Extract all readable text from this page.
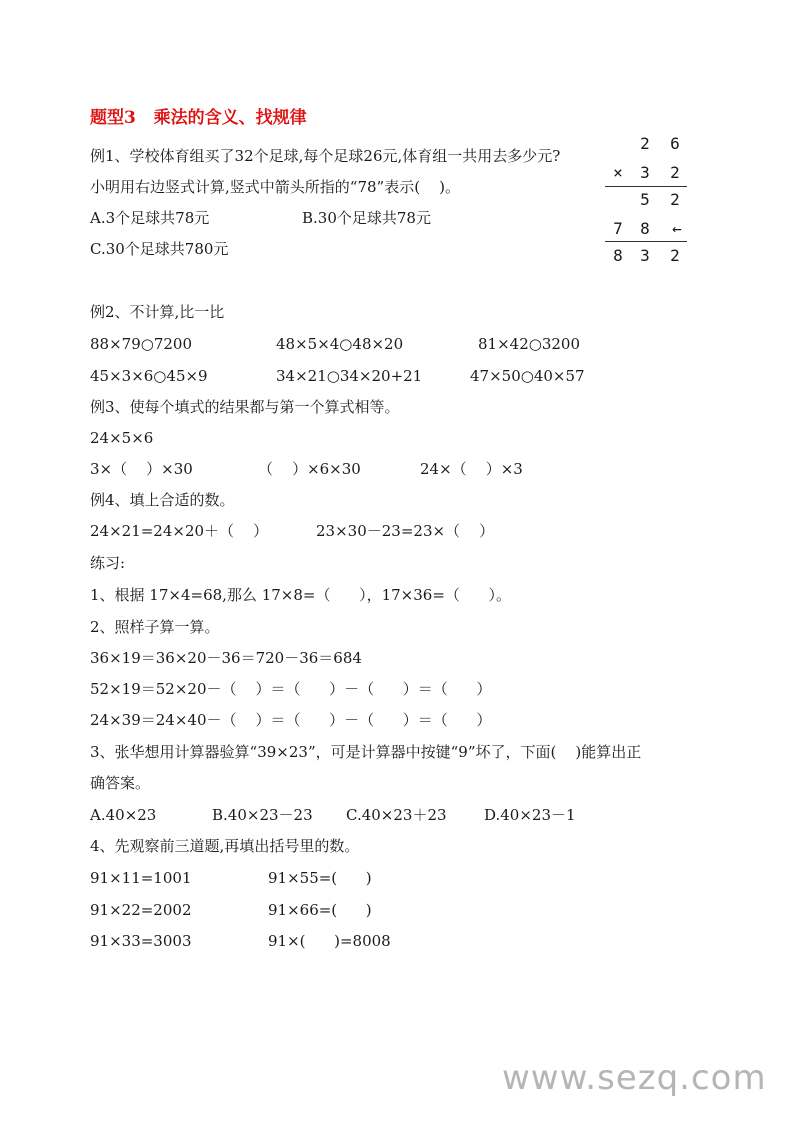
题型3   乘法的含义、找规律
例1、学校体育组买了32个足球,每个足球26元,体育组一共用去多少元?
小明用右边竖式计算,竖式中箭头所指的“78”表示(    )。
A.3个足球共78元	B.30个足球共78元
C.30个足球共780元
2	6
×	3	2
5	2
7	8	←
8	3	2
例2、不计算,比一比
88×79○7200	48×5×4○48×20	81×42○3200
45×3×6○45×9	34×21○34×20+21	47×50○40×57
例3、使每个填式的结果都与第一个算式相等。
24×5×6
3×（    ）×30	（    ）×6×30	24×（    ）×3
例4、填上合适的数。
24×21=24×20＋（    ）	23×30－23=23×（    ）
练习:
1、根据 17×4=68,那么 17×8=（      ），17×36=（      ）。
2、照样子算一算。
36×19＝36×20－36＝720－36＝684
52×19＝52×20－（    ）＝（      ）－（      ）＝（      ）
24×39＝24×40－（    ）＝（      ）－（      ）＝（      ）
3、张华想用计算器验算“39×23”，可是计算器中按键“9”坏了，下面(    )能算出正
确答案。
A.40×23	B.40×23－23 C.40×23＋23 D.40×23－1
4、先观察前三道题,再填出括号里的数。
91×11=1001	91×55=(      )
91×22=2002	91×66=(      )
91×33=3003	91×(      )=8008
www.sezq.com
